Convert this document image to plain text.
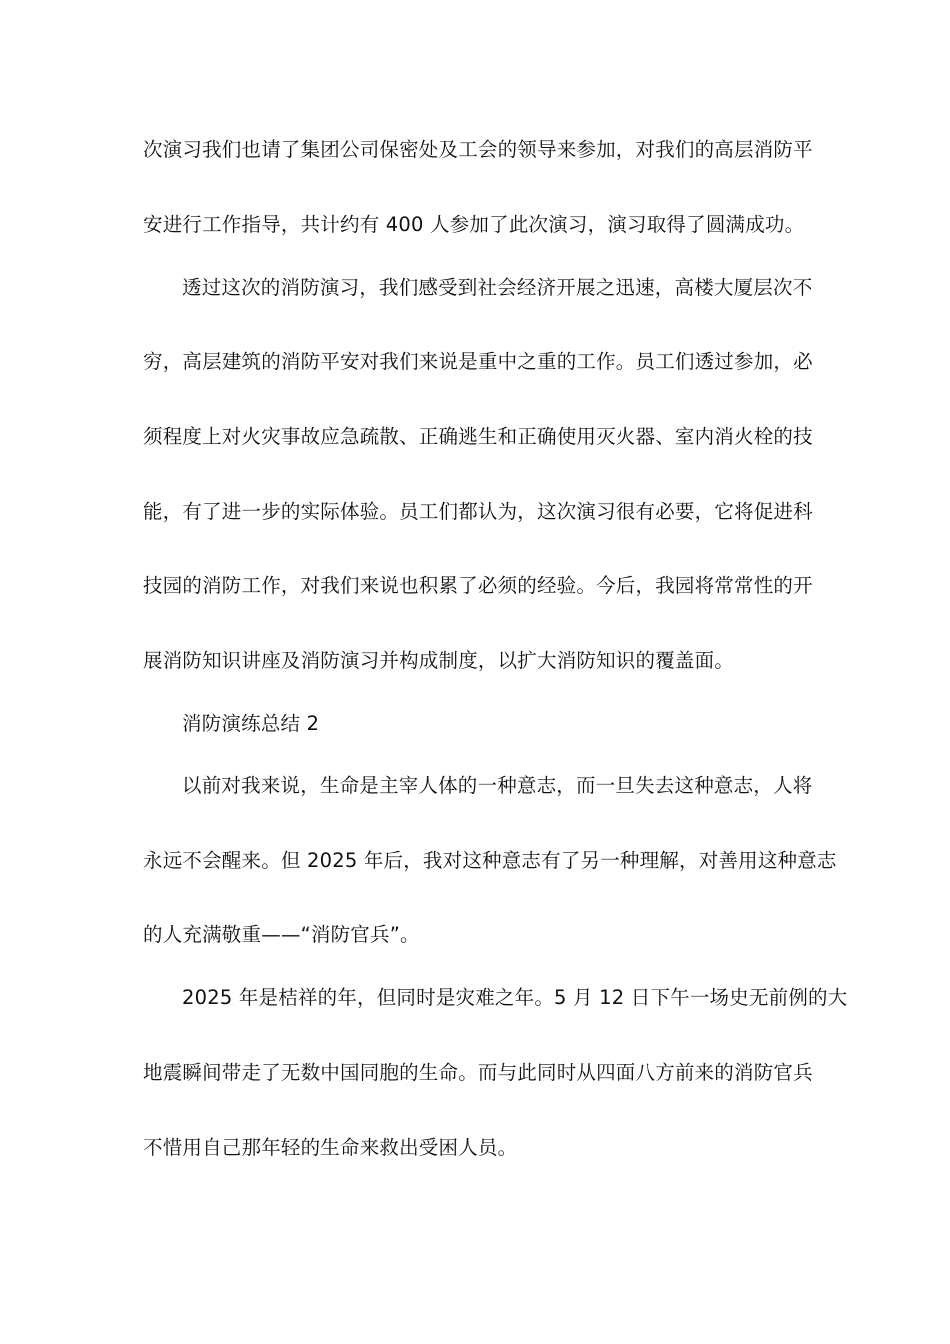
次演习我们也请了集团公司保密处及工会的领导来参加，对我们的高层消防平
安进行工作指导，共计约有 400 人参加了此次演习，演习取得了圆满成功。
透过这次的消防演习，我们感受到社会经济开展之迅速，高楼大厦层次不
穷，高层建筑的消防平安对我们来说是重中之重的工作。员工们透过参加，必
须程度上对火灾事故应急疏散、正确逃生和正确使用灭火器、室内消火栓的技
能，有了进一步的实际体验。员工们都认为，这次演习很有必要，它将促进科
技园的消防工作，对我们来说也积累了必须的经验。今后，我园将常常性的开
展消防知识讲座及消防演习并构成制度，以扩大消防知识的覆盖面。
消防演练总结 2
以前对我来说，生命是主宰人体的一种意志，而一旦失去这种意志，人将
永远不会醒来。但 2025 年后，我对这种意志有了另一种理解，对善用这种意志
的人充满敬重——“消防官兵”。
2025 年是桔祥的年，但同时是灾难之年。5 月 12 日下午一场史无前例的大
地震瞬间带走了无数中国同胞的生命。而与此同时从四面八方前来的消防官兵
不惜用自己那年轻的生命来救出受困人员。
